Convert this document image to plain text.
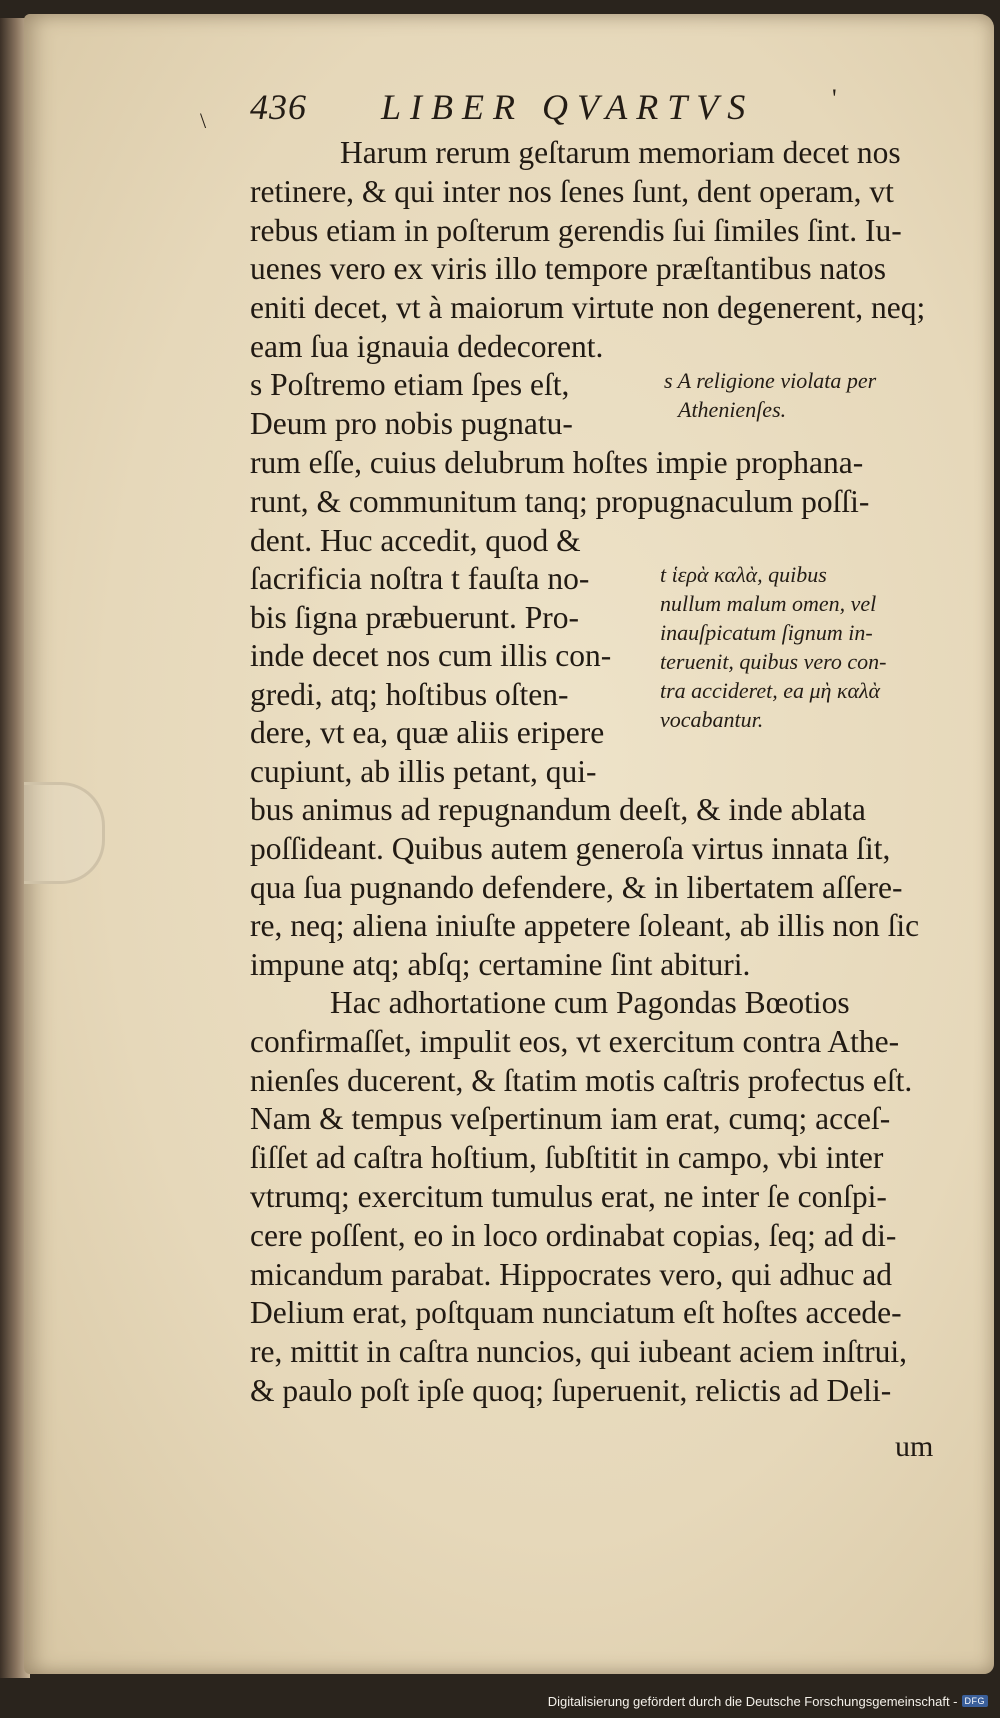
436 LIBER QVARTVS	'
\
Harum rerum geſtarum memoriam decet nos
retinere, & qui inter nos ſenes ſunt, dent operam, vt
rebus etiam in poſterum gerendis ſui ſimiles ſint. Iu-
uenes vero ex viris illo tempore præſtantibus natos
eniti decet, vt à maiorum virtute non degenerent, neq;
eam ſua ignauia dedecorent.
s Poſtremo etiam ſpes eſt,
Deum pro nobis pugnatu-
s A religione violata per
Athenienſes.
rum eſſe, cuius delubrum hoſtes impie prophana-
runt, & communitum tanq; propugnaculum poſſi-
dent. Huc accedit, quod &
ſacrificia noſtra t fauſta no-
bis ſigna præbuerunt. Pro-
inde decet nos cum illis con-
gredi, atq; hoſtibus oſten-
dere, vt ea, quæ aliis eripere
cupiunt, ab illis petant, qui-
t ἱερὰ καλὰ, quibus
nullum malum omen, vel
inauſpicatum ſignum in-
teruenit, quibus vero con-
tra accideret, ea μὴ καλὰ
vocabantur.
bus animus ad repugnandum deeſt, & inde ablata
poſſideant. Quibus autem generoſa virtus innata ſit,
qua ſua pugnando defendere, & in libertatem aſſere-
re, neq; aliena iniuſte appetere ſoleant, ab illis non ſic
impune atq; abſq; certamine ſint abituri.
Hac adhortatione cum Pagondas Bœotios
confirmaſſet, impulit eos, vt exercitum contra Athe-
nienſes ducerent, & ſtatim motis caſtris profectus eſt.
Nam & tempus veſpertinum iam erat, cumq; acceſ-
ſiſſet ad caſtra hoſtium, ſubſtitit in campo, vbi inter
vtrumq; exercitum tumulus erat, ne inter ſe conſpi-
cere poſſent, eo in loco ordinabat copias, ſeq; ad di-
micandum parabat. Hippocrates vero, qui adhuc ad
Delium erat, poſtquam nunciatum eſt hoſtes accede-
re, mittit in caſtra nuncios, qui iubeant aciem inſtrui,
& paulo poſt ipſe quoq; ſuperuenit, relictis ad Deli-
um
Digitalisierung gefördert durch die Deutsche Forschungsgemeinschaft - DFG
